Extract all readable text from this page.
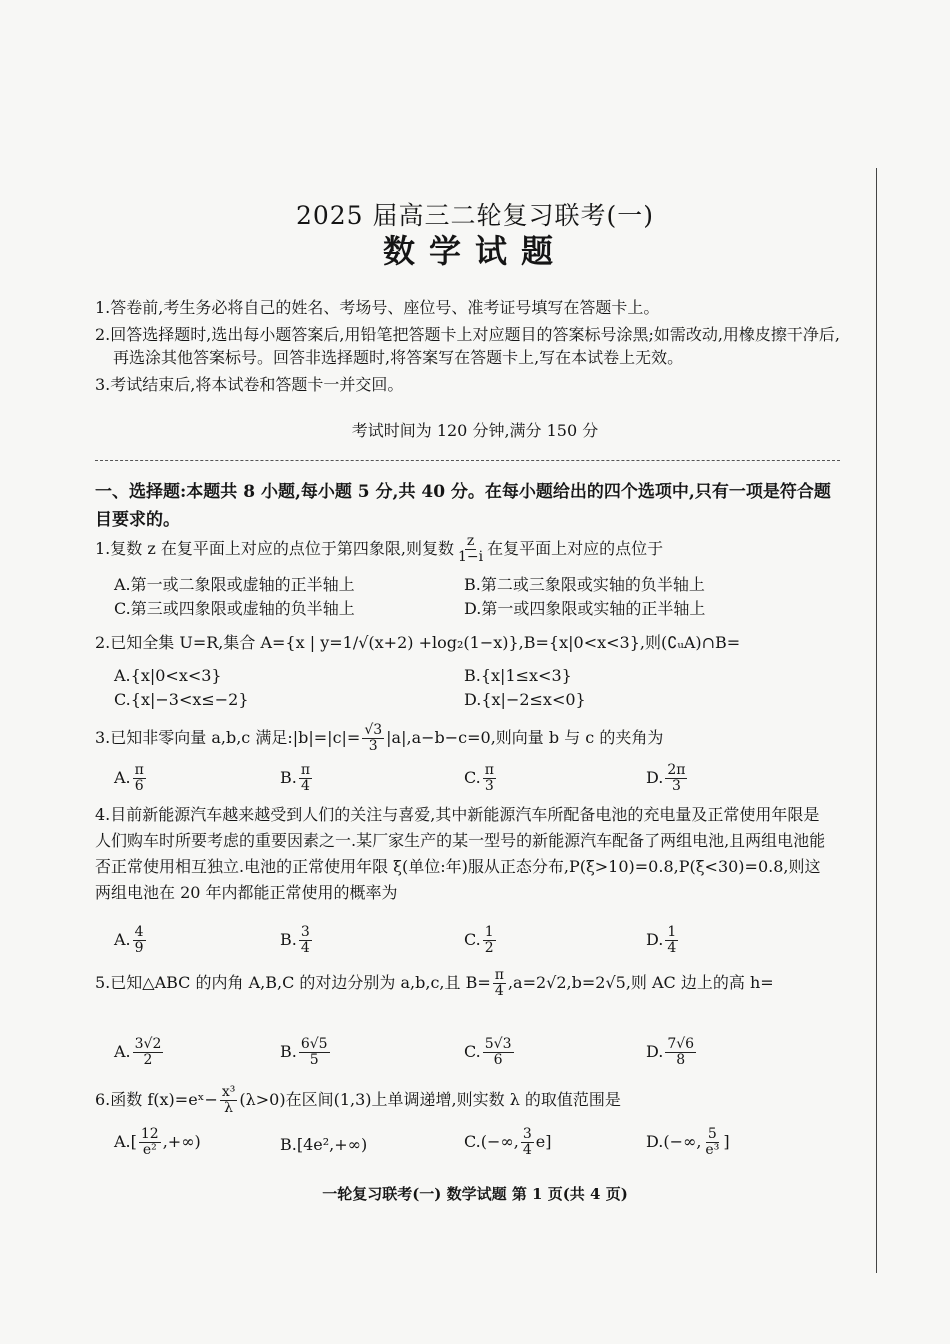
2025 届高三二轮复习联考(一)
数学试题
1.答卷前,考生务必将自己的姓名、考场号、座位号、准考证号填写在答题卡上。
2.回答选择题时,选出每小题答案后,用铅笔把答题卡上对应题目的答案标号涂黑;如需改动,用橡皮擦干净后,再选涂其他答案标号。回答非选择题时,将答案写在答题卡上,写在本试卷上无效。
3.考试结束后,将本试卷和答题卡一并交回。
考试时间为 120 分钟,满分 150 分
一、选择题:本题共 8 小题,每小题 5 分,共 40 分。在每小题给出的四个选项中,只有一项是符合题目要求的。
1.复数 z 在复平面上对应的点位于第四象限,则复数 $\frac{z}{1-i}$ 在复平面上对应的点位于
A.第一或二象限或虚轴的正半轴上	B.第二或三象限或实轴的负半轴上
C.第三或四象限或虚轴的负半轴上	D.第一或四象限或实轴的正半轴上
2.已知全集 U=R,集合 A={x | y=1/√(x+2) +log₂(1−x)},B={x|0<x<3},则(∁ᵤA)∩B=
A.{x|0<x<3}	B.{x|1≤x<3}
C.{x|−3<x≤−2}	D.{x|−2≤x<0}
3.已知非零向量 a,b,c 满足:|b|=|c|= $\frac{√3}{3} |a|,a-b-c=0$,则向量 b 与 c 的夹角为
A. $\frac{\pi}{6}$	B. $\frac{\pi}{4}$	C. $\frac{\pi}{3}$	D. $\frac{2\pi}{3}$
4.目前新能源汽车越来越受到人们的关注与喜爱,其中新能源汽车所配备电池的充电量及正常使用年限是人们购车时所要考虑的重要因素之一.某厂家生产的某一型号的新能源汽车配备了两组电池,且两组电池能否正常使用相互独立.电池的正常使用年限 ξ(单位:年)服从正态分布,P(ξ>10)=0.8,P(ξ<30)=0.8,则这两组电池在 20 年内都能正常使用的概率为
A. $\frac{4}{9}$	B. $\frac{3}{4}$	C. $\frac{1}{2}$	D. $\frac{1}{4}$
5.已知△ABC 的内角 A,B,C 的对边分别为 a,b,c,且 $B= \frac{\pi}{4} ,a=2√2,b=2√5$,则 AC 边上的高 h=
A. $\frac{3√2}{2}$	B. $\frac{6√5}{5}$	C. $\frac{5√3}{6}$	D. $\frac{7√6}{8}$
6.函数 f(x)=eˣ− $\frac{\text{x³}}{\lambda} (\lambda>0)$在区间(1,3)上单调递增,则实数 λ 的取值范围是
$A.[ \frac{12}{\text{e²}}$ ,+∞)	B.[4e²,+∞)	C.(−∞, $\frac{3}{4} e$]	D.(−∞, $\frac{5}{\text{e³}}$ ]
一轮复习联考(一) 数学试题 第 1 页(共 4 页)
